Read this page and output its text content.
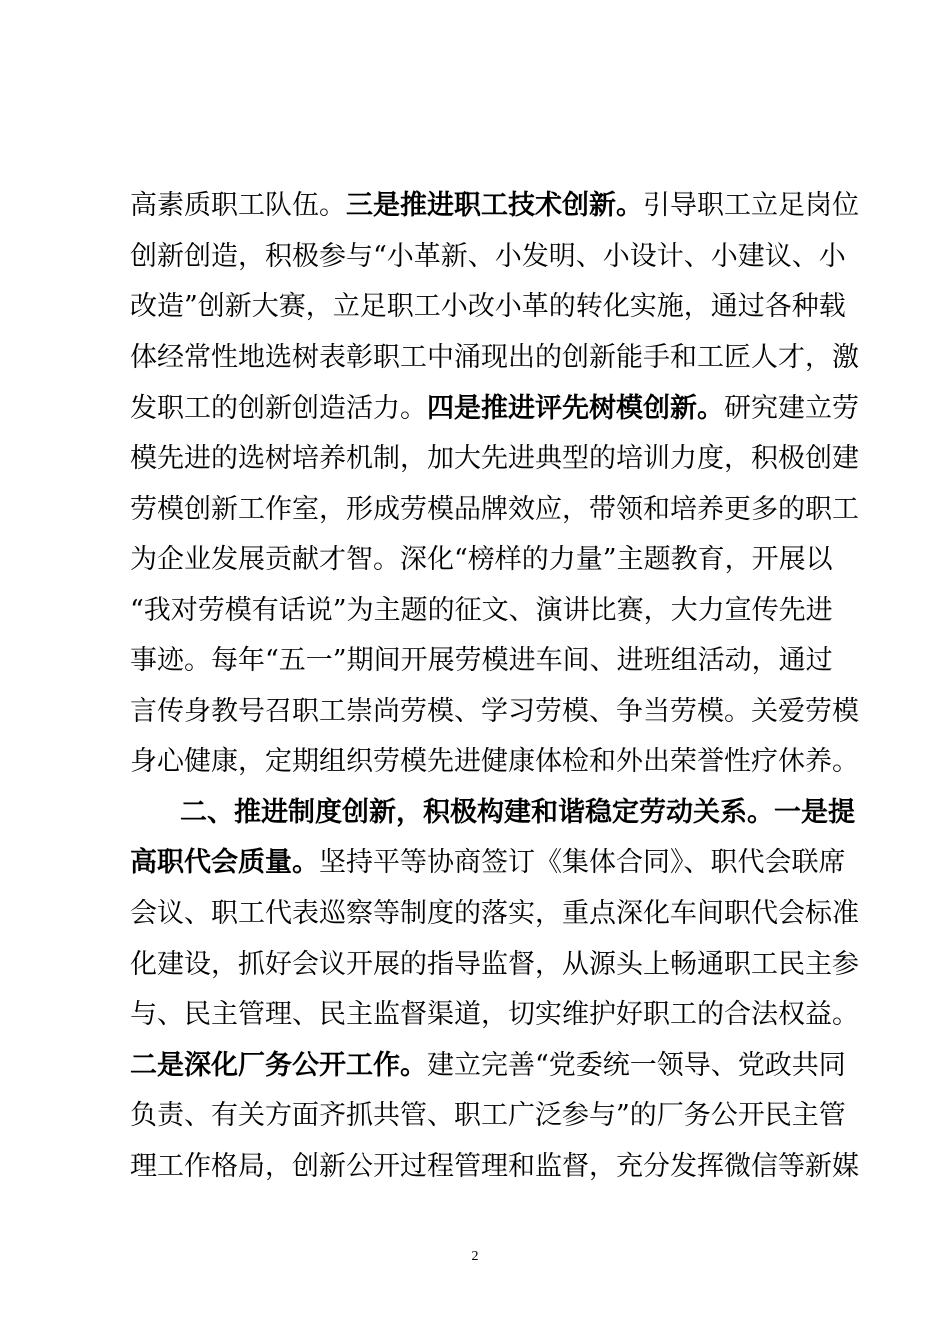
高素质职工队伍。三是推进职工技术创新。引导职工立足岗位
创新创造，积极参与“小革新、小发明、小设计、小建议、小
改造”创新大赛，立足职工小改小革的转化实施，通过各种载
体经常性地选树表彰职工中涌现出的创新能手和工匠人才，激
发职工的创新创造活力。四是推进评先树模创新。研究建立劳
模先进的选树培养机制，加大先进典型的培训力度，积极创建
劳模创新工作室，形成劳模品牌效应，带领和培养更多的职工
为企业发展贡献才智。深化“榜样的力量”主题教育，开展以
“我对劳模有话说”为主题的征文、演讲比赛，大力宣传先进
事迹。每年“五一”期间开展劳模进车间、进班组活动，通过
言传身教号召职工崇尚劳模、学习劳模、争当劳模。关爱劳模
身心健康，定期组织劳模先进健康体检和外出荣誉性疗休养。
二、推进制度创新，积极构建和谐稳定劳动关系。一是提
高职代会质量。坚持平等协商签订《集体合同》、职代会联席
会议、职工代表巡察等制度的落实，重点深化车间职代会标准
化建设，抓好会议开展的指导监督，从源头上畅通职工民主参
与、民主管理、民主监督渠道，切实维护好职工的合法权益。
二是深化厂务公开工作。建立完善“党委统一领导、党政共同
负责、有关方面齐抓共管、职工广泛参与”的厂务公开民主管
理工作格局，创新公开过程管理和监督，充分发挥微信等新媒
2
